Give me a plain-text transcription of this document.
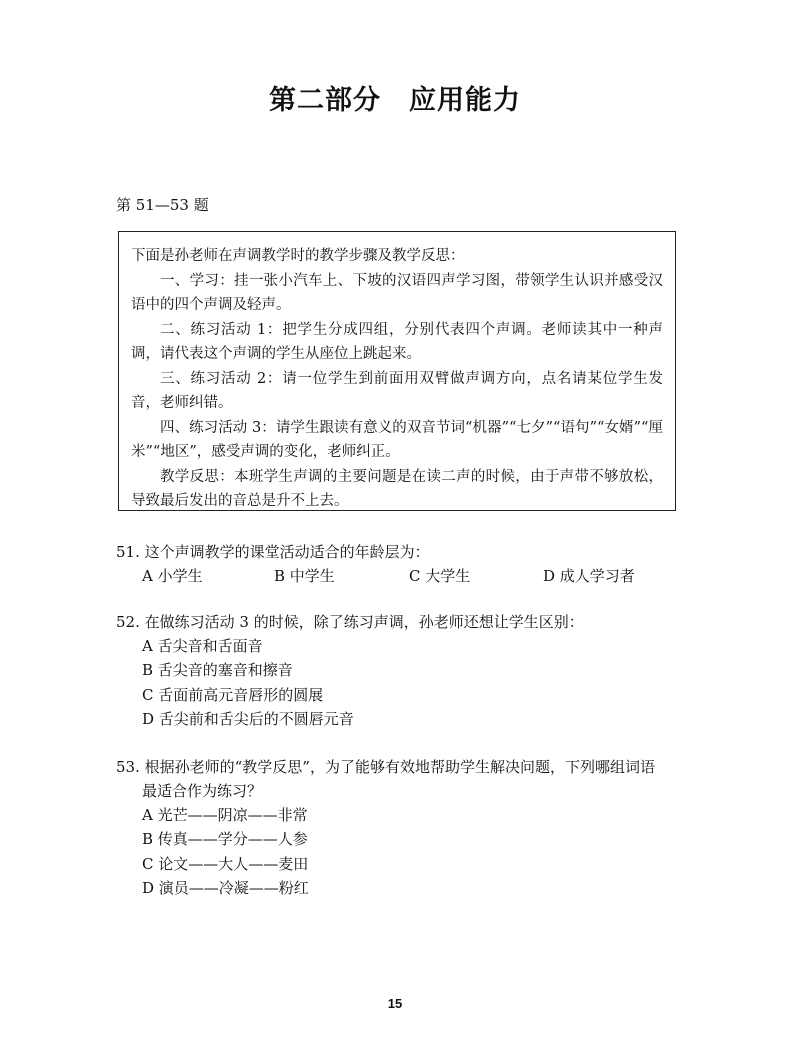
第二部分 应用能力
第 51—53 题
下面是孙老师在声调教学时的教学步骤及教学反思：

一、学习：挂一张小汽车上、下坡的汉语四声学习图，带领学生认识并感受汉语中的四个声调及轻声。

二、练习活动 1：把学生分成四组，分别代表四个声调。老师读其中一种声调，请代表这个声调的学生从座位上跳起来。

三、练习活动 2：请一位学生到前面用双臂做声调方向，点名请某位学生发音，老师纠错。

四、练习活动 3：请学生跟读有意义的双音节词“机器”“七夕”“语句”“女婿”“厘米”“地区”，感受声调的变化，老师纠正。

教学反思：本班学生声调的主要问题是在读二声的时候，由于声带不够放松，导致最后发出的音总是升不上去。

51. 这个声调教学的课堂活动适合的年龄层为：
A 小学生	B 中学生	C 大学生	D 成人学习者
52. 在做练习活动 3 的时候，除了练习声调，孙老师还想让学生区别：
A 舌尖音和舌面音
B 舌尖音的塞音和擦音
C 舌面前高元音唇形的圆展
D 舌尖前和舌尖后的不圆唇元音
53. 根据孙老师的“教学反思”，为了能够有效地帮助学生解决问题，下列哪组词语
最适合作为练习？
A 光芒——阴凉——非常
B 传真——学分——人参
C 论文——大人——麦田
D 演员——冷凝——粉红
15
